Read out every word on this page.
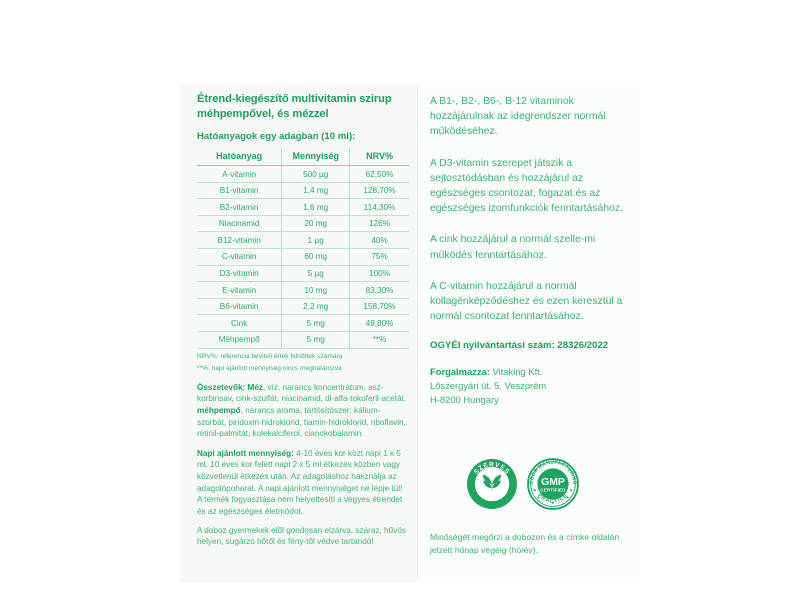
Étrend-kiegészítő multivitamin szirup méhpempővel, és mézzel
Hatóanyagok egy adagban (10 ml):
Hatóanyag	Mennyiség	NRV%
A-vitamin	500 µg	62,50%
B1-vitamin	1,4 mg	128,70%
B2-vitamin	1,6 mg	114,30%
Niacinamid	20 mg	126%
B12-vitamin	1 µg	40%
C-vitamin	60 mg	75%
D3-vitamin	5 µg	100%
E-vitamin	10 mg	83,30%
B6-vitamin	2,2 mg	158,70%
Cink	5 mg	49,80%
Méhpempő	5 mg	**%
NRV%: referencia beviteli érték felnőttek számára
**%: napi ajánlott mennyiség nincs meghatározva

Összetevők: Méz, víz, narancs koncentrátum, asz-korbinsav, cink-szulfát, niacinamid, dl-alfa-tokoferil-acetát, méhpempő, narancs aroma, tartósítószer: kálium-szorbát, piridoxin-hidroklorid, tiamin-hidroklorid, riboflavin, retinil-palmitát, kolekalciferol, cianokobalamin.

Napi ajánlott mennyiség: 4-10 éves kor közt napi 1 x 5 ml, 10 éves kor felett napi 2 x 5 ml étkezés közben vagy közvetlenül étkezés után. Az adagoláshoz használja az adagolópoharat. A napi ajánlott mennyiséget ne lépje túl! A termék fogyasztása nem helyettesíti a vegyes étrendet és az egészséges életmódot.

A doboz gyermekek elől gondosan elzárva, száraz, hűvös helyen, sugárzó hőtől és fény-től védve tartandó!

A B1-, B2-, B6-, B-12 vitaminok hozzájárulnak az idegrendszer normál működéséhez.

A D3-vitamin szerepet játszik a sejtosztódásban és hozzájárul az egészséges csontozat, fogazat és az egészséges izomfunkciók fenntartásához.

A cink hozzájárul a normál szelle-mi működés fenntartásához.

A C-vitamin hozzájárul a normál kollagénképződéshez és ezen keresztül a normál csontozat fenntartásához.

OGYÉI nyilvántartási szám: 28326/2022

Forgalmazza: Vitaking Kft.

Lőszergyári út. 5. Veszprém

H-8200 Hungary

SZERVES
ÖSSZETEVŐK
GOOD MANUFACTURING
PRACTICE
GMP
CERTIFIED
Minőségét megőrzi a dobozon és a címke oldalán jelzett hónap végéig (hó/év).
